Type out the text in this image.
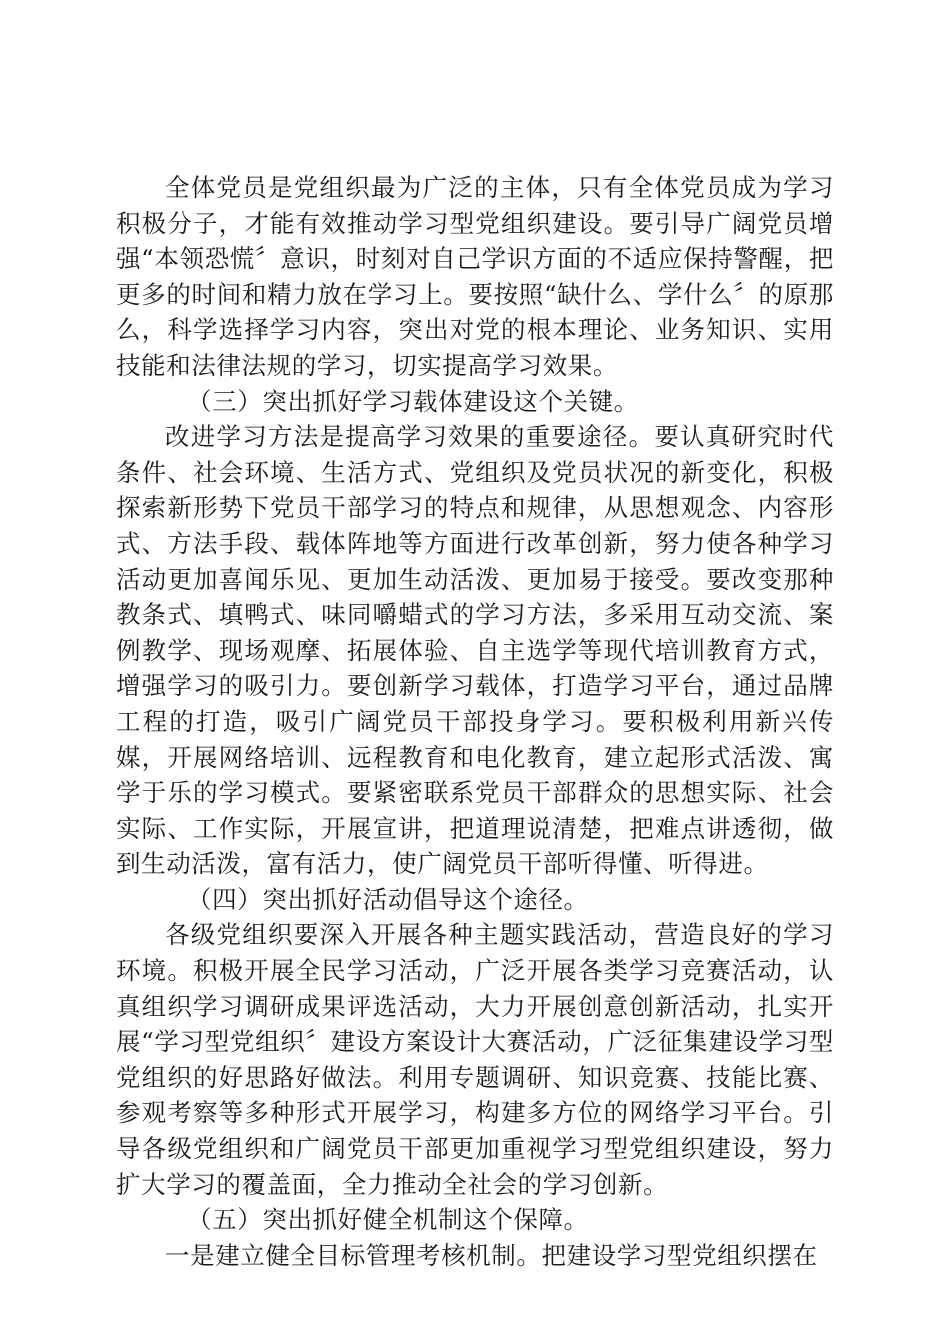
全体党员是党组织最为广泛的主体，只有全体党员成为学习积极分子，才能有效推动学习型党组织建设。要引导广阔党员增强“本领恐慌〞意识，时刻对自己学识方面的不适应保持警醒，把更多的时间和精力放在学习上。要按照“缺什么、学什么〞的原那么，科学选择学习内容，突出对党的根本理论、业务知识、实用技能和法律法规的学习，切实提高学习效果。

（三）突出抓好学习载体建设这个关键。

改进学习方法是提高学习效果的重要途径。要认真研究时代条件、社会环境、生活方式、党组织及党员状况的新变化，积极探索新形势下党员干部学习的特点和规律，从思想观念、内容形式、方法手段、载体阵地等方面进行改革创新，努力使各种学习活动更加喜闻乐见、更加生动活泼、更加易于接受。要改变那种教条式、填鸭式、味同嚼蜡式的学习方法，多采用互动交流、案例教学、现场观摩、拓展体验、自主选学等现代培训教育方式，增强学习的吸引力。要创新学习载体，打造学习平台，通过品牌工程的打造，吸引广阔党员干部投身学习。要积极利用新兴传媒，开展网络培训、远程教育和电化教育，建立起形式活泼、寓学于乐的学习模式。要紧密联系党员干部群众的思想实际、社会实际、工作实际，开展宣讲，把道理说清楚，把难点讲透彻，做到生动活泼，富有活力，使广阔党员干部听得懂、听得进。

（四）突出抓好活动倡导这个途径。

各级党组织要深入开展各种主题实践活动，营造良好的学习环境。积极开展全民学习活动，广泛开展各类学习竞赛活动，认真组织学习调研成果评选活动，大力开展创意创新活动，扎实开展“学习型党组织〞建设方案设计大赛活动，广泛征集建设学习型党组织的好思路好做法。利用专题调研、知识竞赛、技能比赛、参观考察等多种形式开展学习，构建多方位的网络学习平台。引导各级党组织和广阔党员干部更加重视学习型党组织建设，努力扩大学习的覆盖面，全力推动全社会的学习创新。

（五）突出抓好健全机制这个保障。

一是建立健全目标管理考核机制。把建设学习型党组织摆在
